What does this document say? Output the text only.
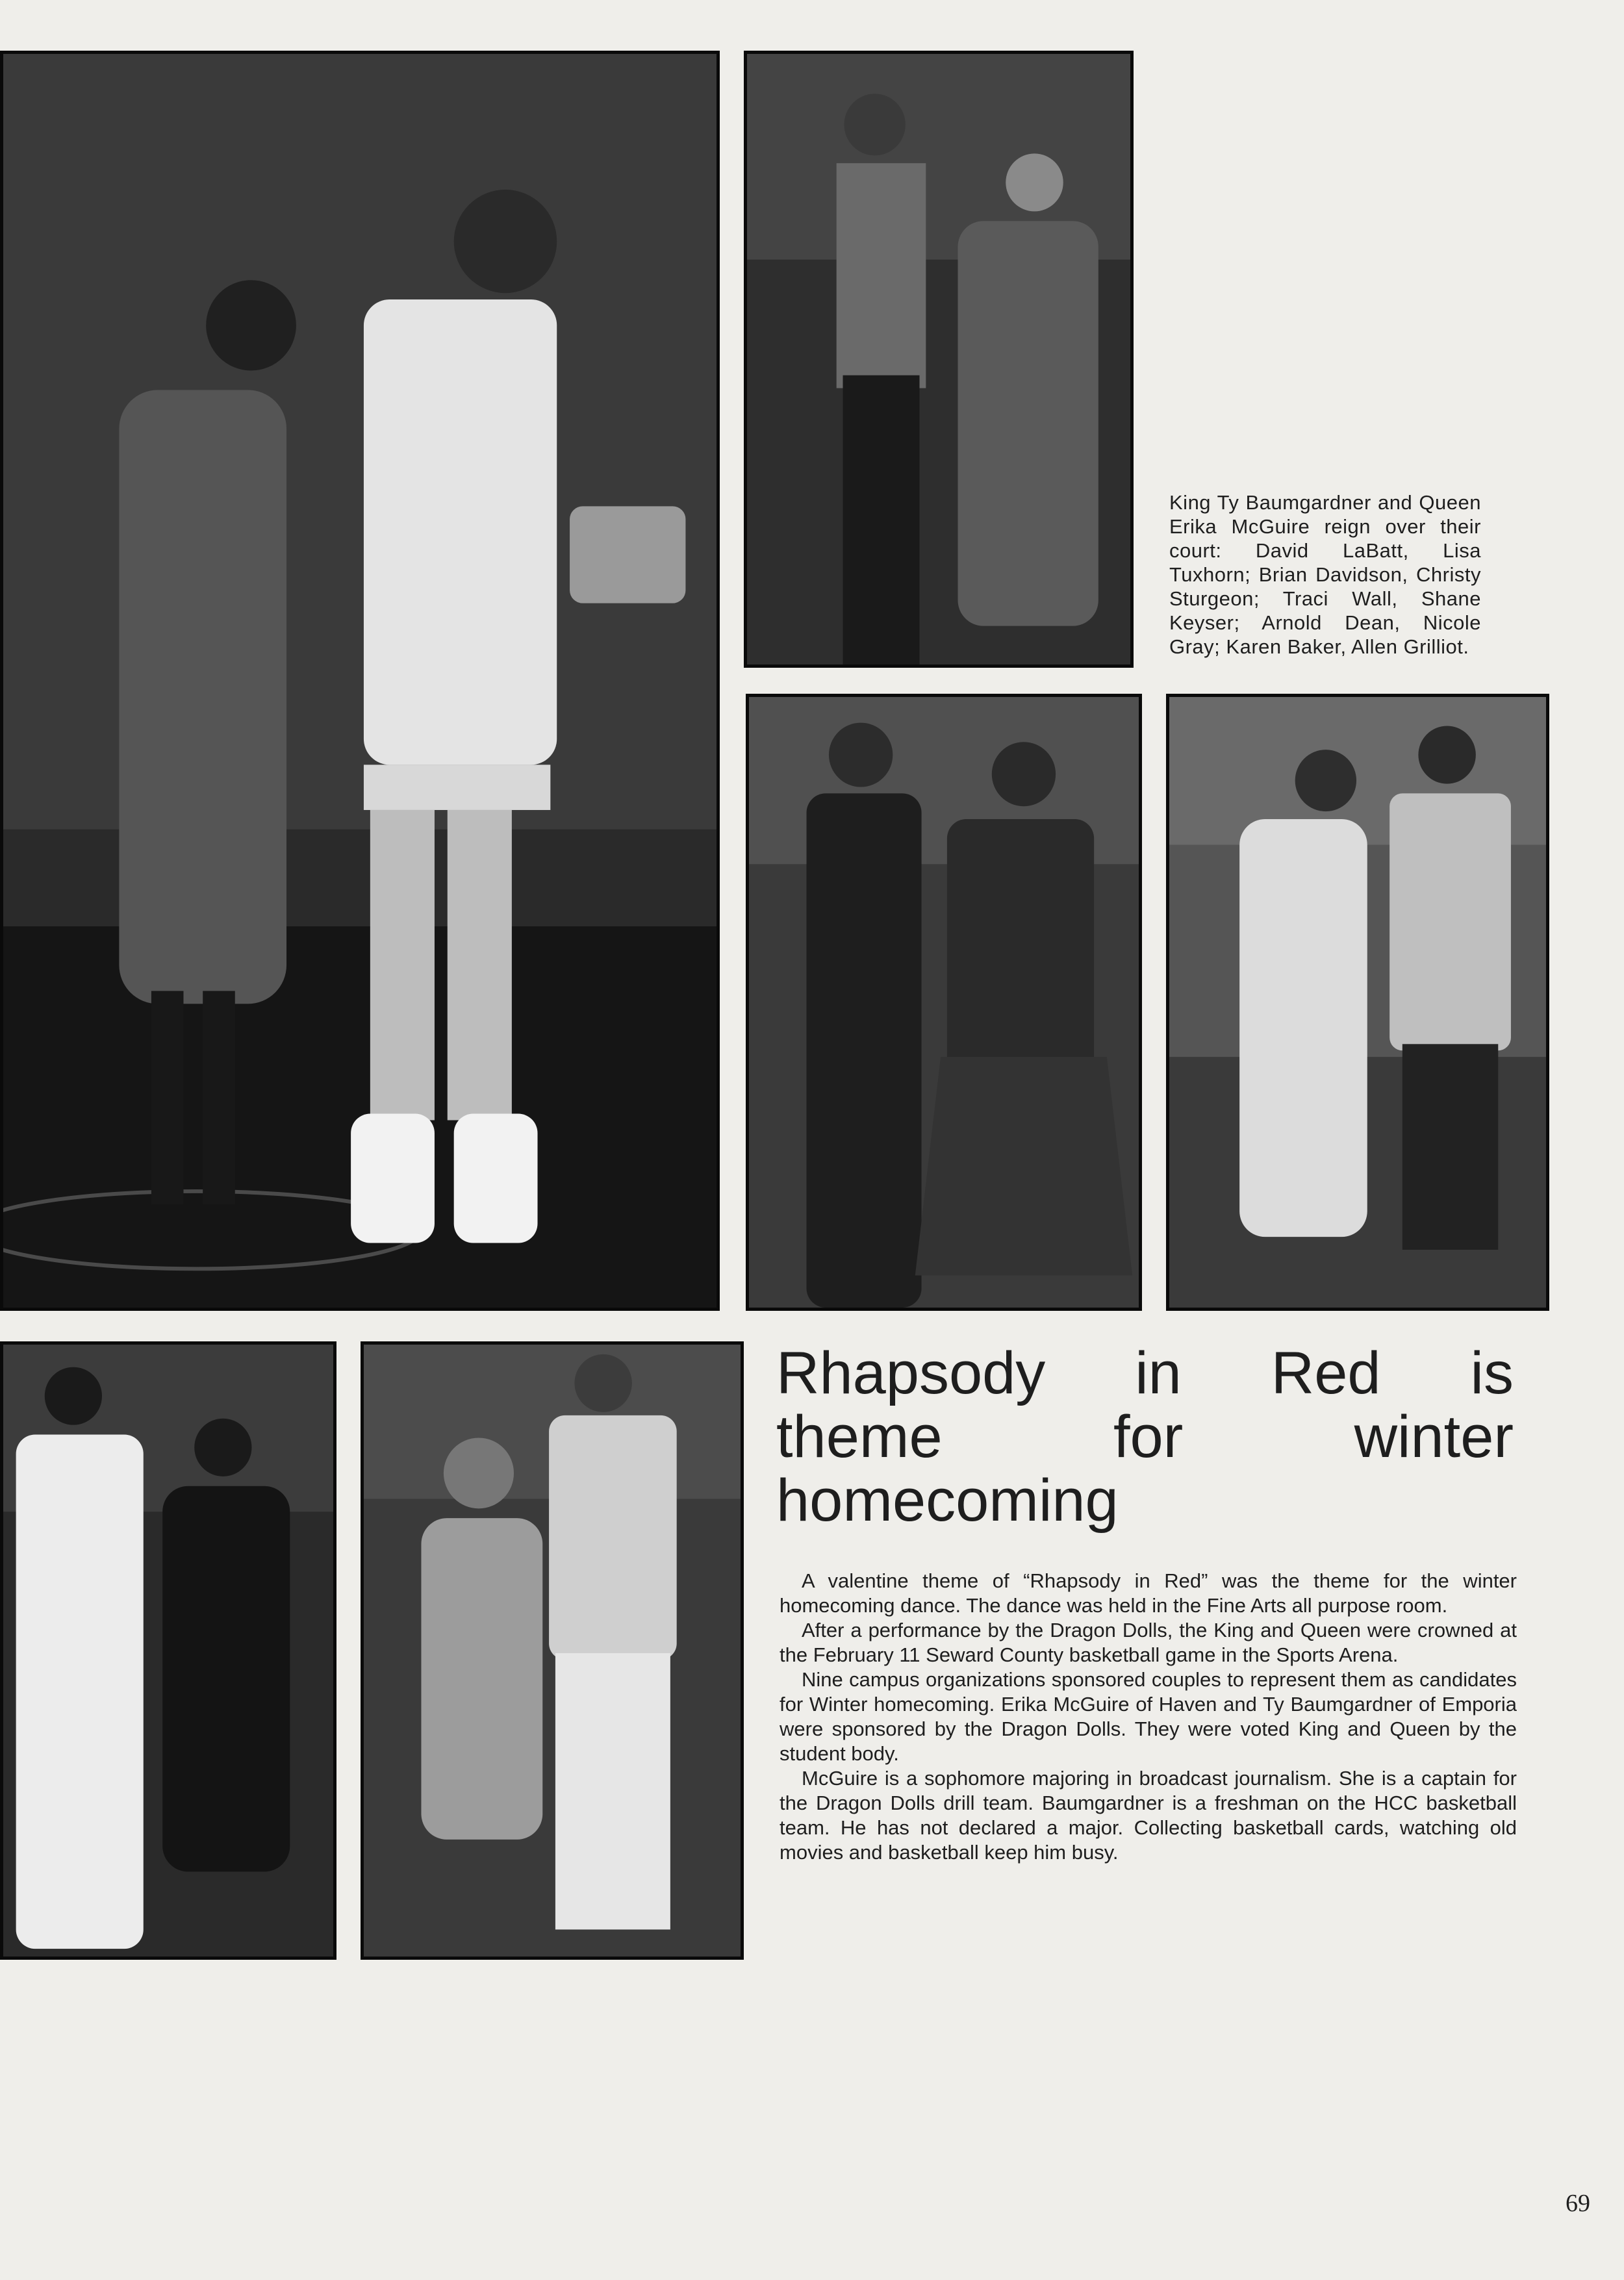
King Ty Baumgardner and Queen Erika McGuire reign over their court: David LaBatt, Lisa Tuxhorn; Brian Davidson, Christy Sturgeon; Traci Wall, Shane Keyser; Arnold Dean, Nicole Gray; Karen Baker, Allen Grilliot.
Rhapsody in Red is
theme for winter
homecoming

A valentine theme of “Rhapsody in Red” was the theme for the winter homecoming dance. The dance was held in the Fine Arts all purpose room.

After a performance by the Dragon Dolls, the King and Queen were crowned at the February 11 Seward County basketball game in the Sports Arena.

Nine campus organizations sponsored couples to represent them as candidates for Winter homecoming. Erika McGuire of Haven and Ty Baumgardner of Emporia were sponsored by the Dragon Dolls. They were voted King and Queen by the student body.

McGuire is a sophomore majoring in broadcast journalism. She is a captain for the Dragon Dolls drill team. Baumgardner is a freshman on the HCC basketball team. He has not declared a major. Collecting basketball cards, watching old movies and basketball keep him busy.

69
